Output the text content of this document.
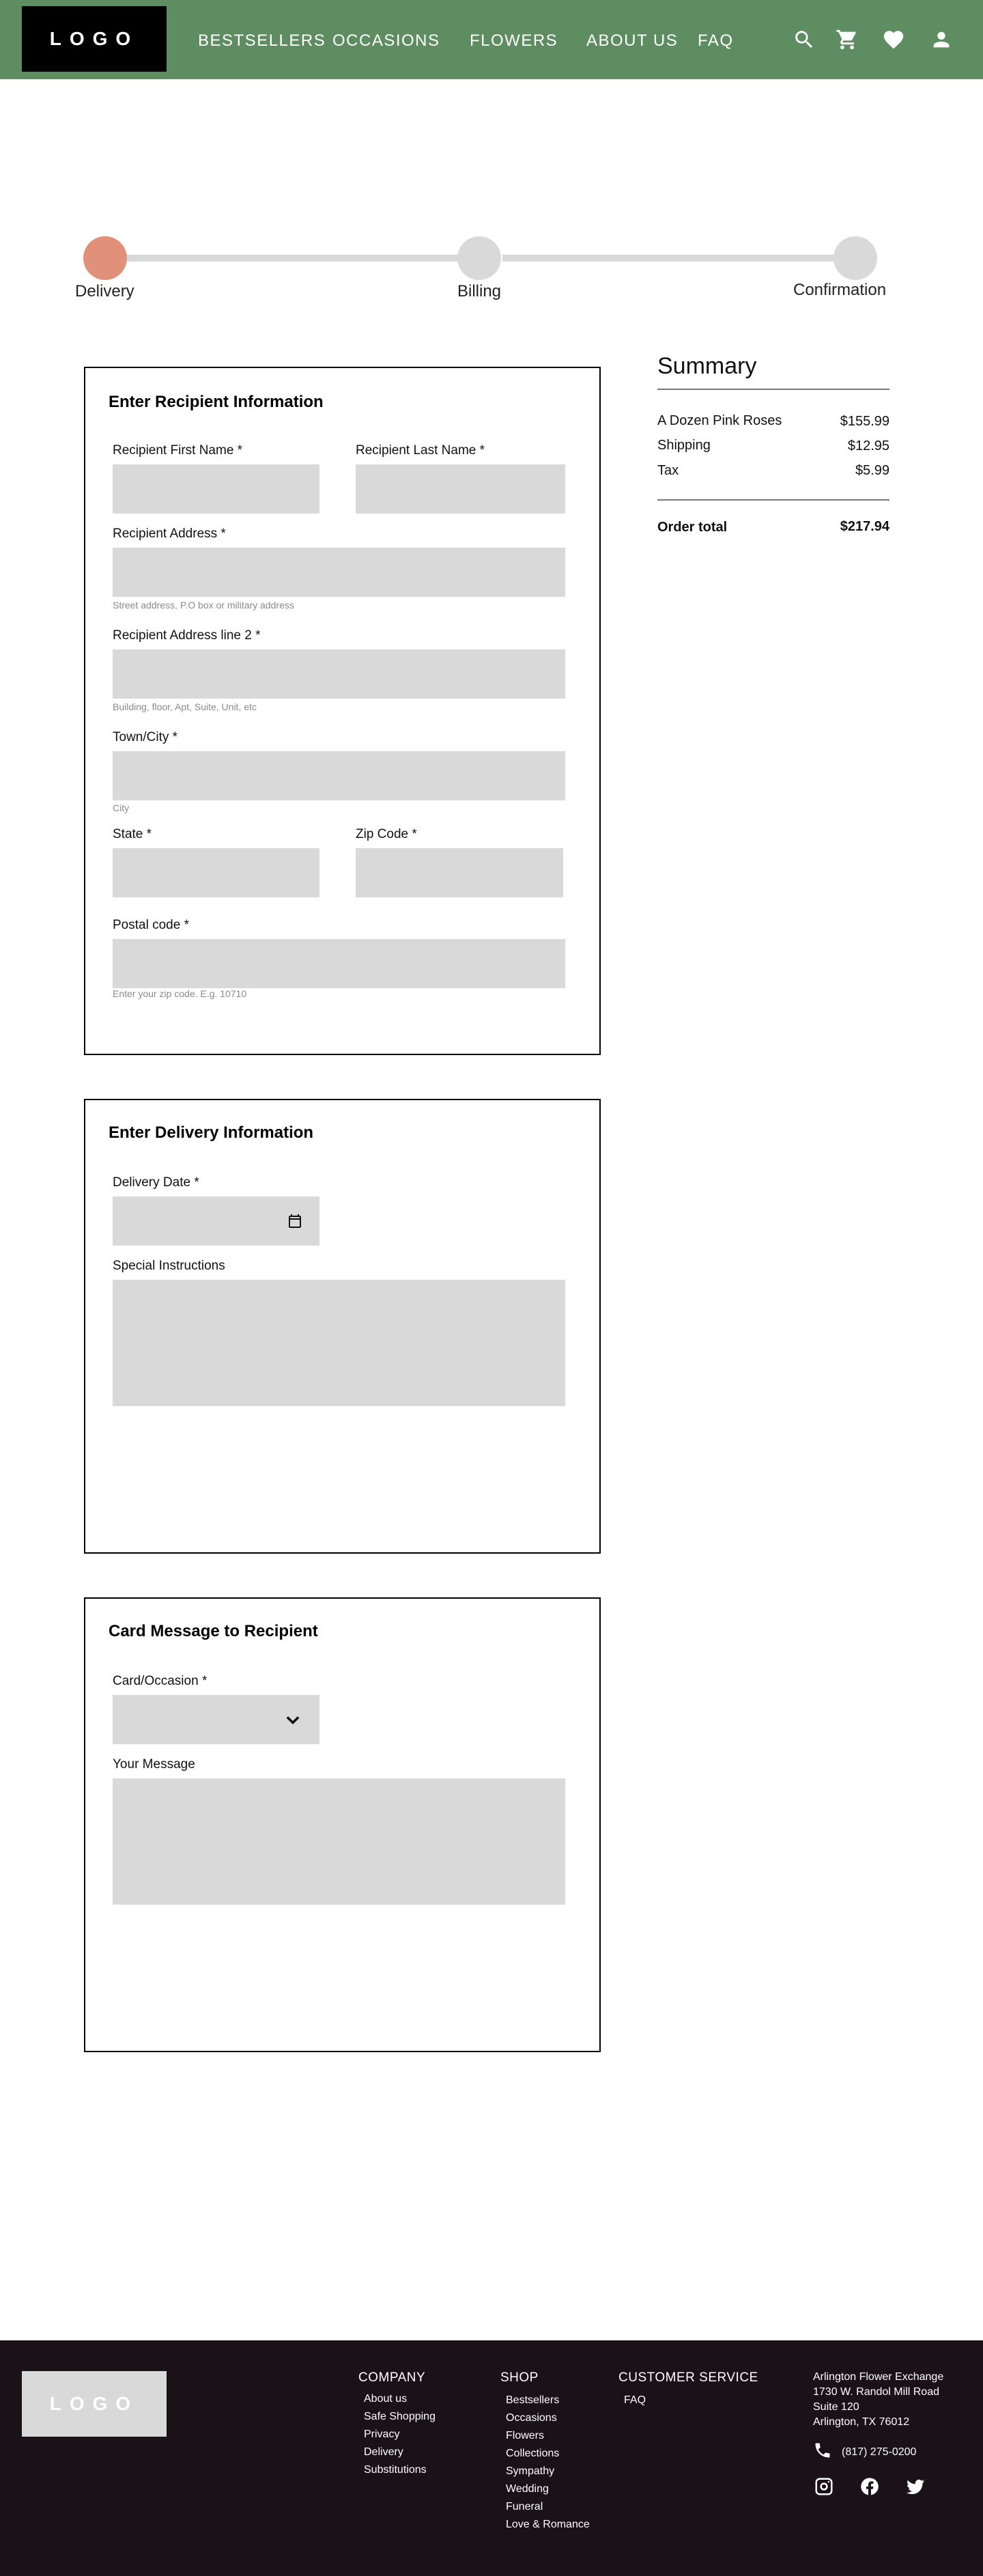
LOGO	BESTSELLERS OCCASIONS FLOWERS ABOUT US FAQ
Delivery	Billing	Confirmation
Enter Recipient Information
Recipient First Name *	Recipient Last Name *
Recipient Address *
Street address, P.O box or military address
Recipient Address line 2 *
Building, floor, Apt, Suite, Unit, etc
Town/City *
City
State *	Zip Code *
Postal code *
Enter your zip code. E.g. 10710
Enter Delivery Information
Delivery Date *
Special Instructions
Card Message to Recipient
Card/Occasion *
Your Message
Summary
A Dozen Pink Roses	$155.99
Shipping	$12.95
Tax	$5.99
Order total	$217.94
LOGO
COMPANY
About us
Safe Shopping
Privacy
Delivery
Substitutions
SHOP
Bestsellers
Occasions
Flowers
Collections
Sympathy
Wedding
Funeral
Love & Romance
CUSTOMER SERVICE
FAQ
Arlington Flower Exchange
1730 W. Randol Mill Road
Suite 120
Arlington, TX 76012
(817) 275-0200
